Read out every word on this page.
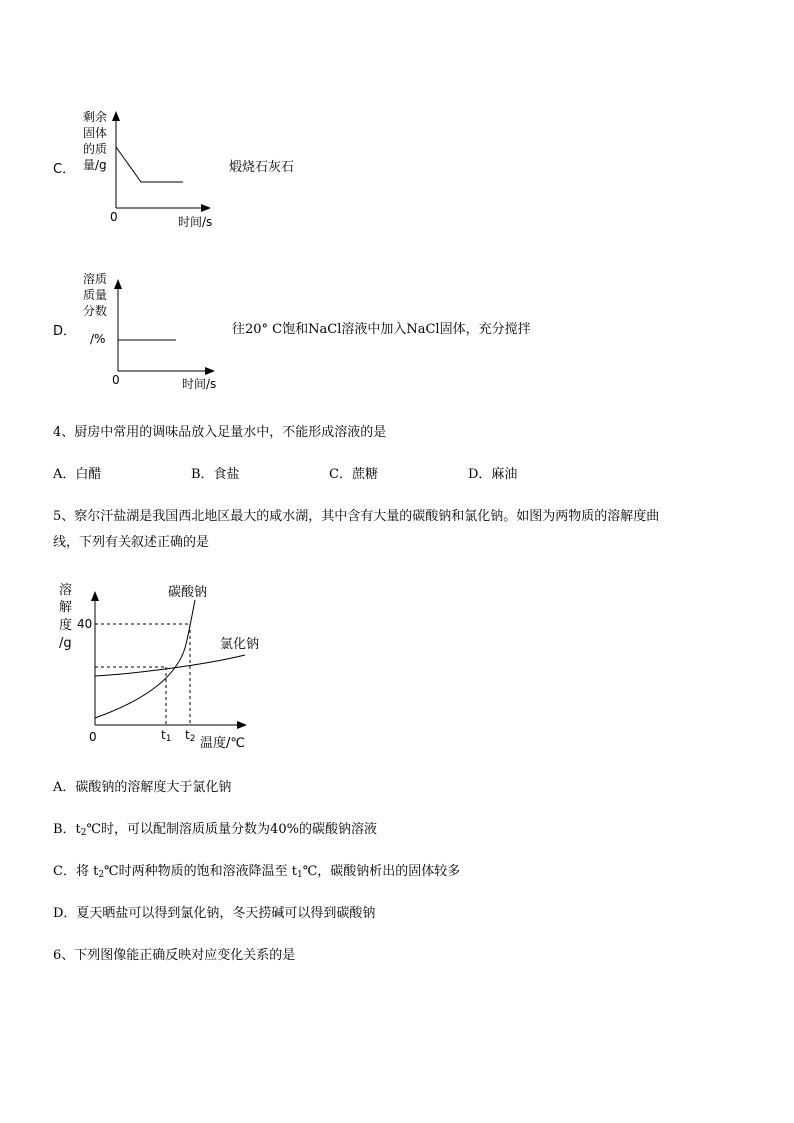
C．
剩余
固体
的质
量/g
0	时间/s
煅烧石灰石
D．
溶质
质量
分数
/%
0	时间/s
往20° C饱和NaCl溶液中加入NaCl固体，充分搅拌
4、厨房中常用的调味品放入足量水中，不能形成溶液的是
A．白醋	B．食盐	C．蔗糖	D．麻油
5、察尔汗盐湖是我国西北地区最大的咸水湖，其中含有大量的碳酸钠和氯化钠。如图为两物质的溶解度曲
线，下列有关叙述正确的是
溶
解
度
/g
0	温度/℃
40
$t_1$ $t_2$
碳酸钠
氯化钠
A．碳酸钠的溶解度大于氯化钠
B．$t_2℃$时，可以配制溶质质量分数为40%的碳酸钠溶液
C．将 $t_2℃$时两种物质的饱和溶液降温至 $t_1℃$，碳酸钠析出的固体较多
D．夏天晒盐可以得到氯化钠，冬天捞碱可以得到碳酸钠
6、下列图像能正确反映对应变化关系的是
